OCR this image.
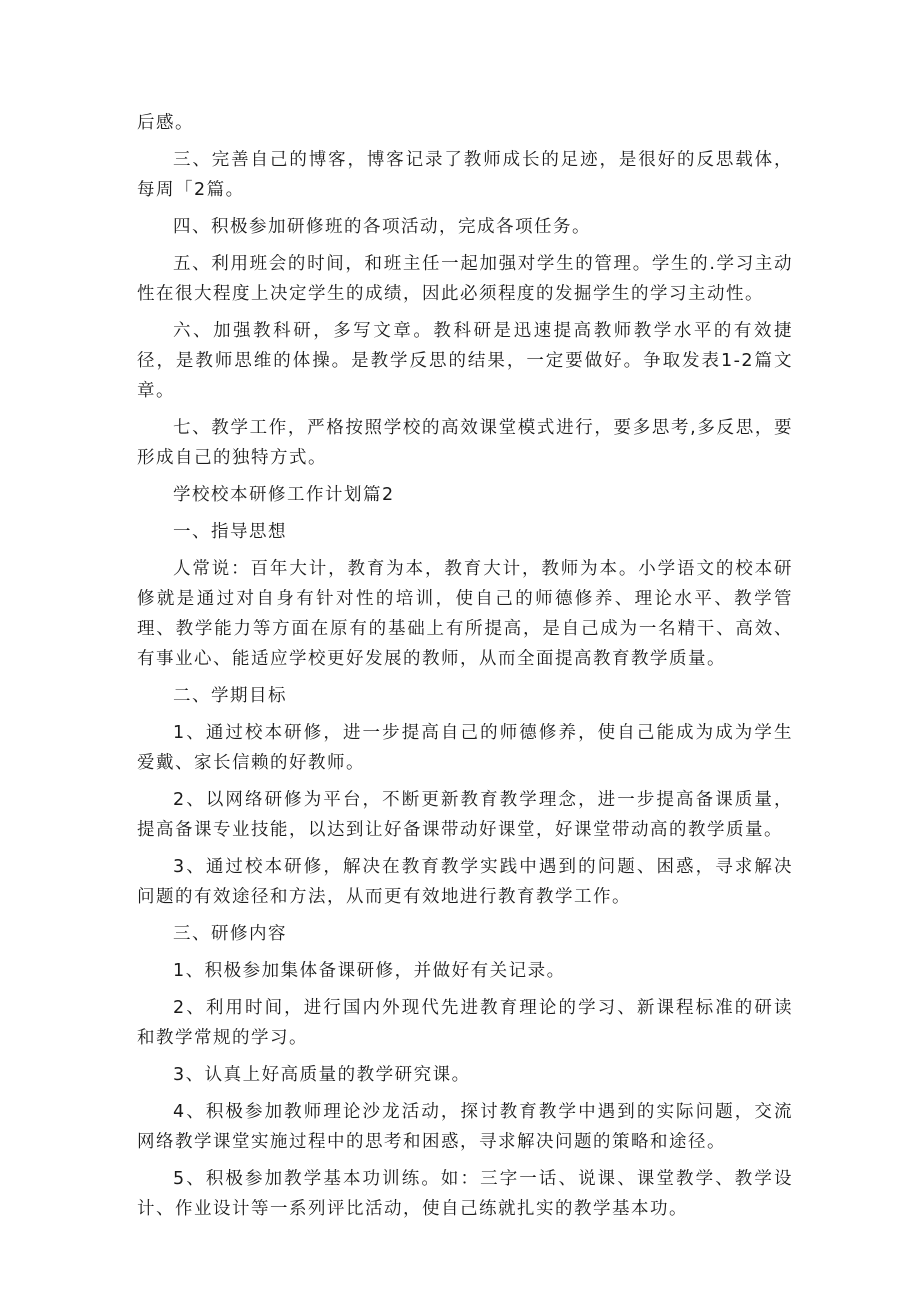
后感。

三、完善自己的博客，博客记录了教师成长的足迹，是很好的反思载体，每周「2篇。

四、积极参加研修班的各项活动，完成各项任务。

五、利用班会的时间，和班主任一起加强对学生的管理。学生的.学习主动性在很大程度上决定学生的成绩，因此必须程度的发掘学生的学习主动性。

六、加强教科研，多写文章。教科研是迅速提高教师教学水平的有效捷径，是教师思维的体操。是教学反思的结果，一定要做好。争取发表1-2篇文章。

七、教学工作，严格按照学校的高效课堂模式进行，要多思考,多反思，要形成自己的独特方式。

学校校本研修工作计划篇2

一、指导思想

人常说：百年大计，教育为本，教育大计，教师为本。小学语文的校本研修就是通过对自身有针对性的培训，使自己的师德修养、理论水平、教学管理、教学能力等方面在原有的基础上有所提高，是自己成为一名精干、高效、有事业心、能适应学校更好发展的教师，从而全面提高教育教学质量。

二、学期目标

1、通过校本研修，进一步提高自己的师德修养，使自己能成为成为学生爱戴、家长信赖的好教师。

2、以网络研修为平台，不断更新教育教学理念，进一步提高备课质量，提高备课专业技能，以达到让好备课带动好课堂，好课堂带动高的教学质量。

3、通过校本研修，解决在教育教学实践中遇到的问题、困惑，寻求解决问题的有效途径和方法，从而更有效地进行教育教学工作。

三、研修内容

1、积极参加集体备课研修，并做好有关记录。

2、利用时间，进行国内外现代先进教育理论的学习、新课程标准的研读和教学常规的学习。

3、认真上好高质量的教学研究课。

4、积极参加教师理论沙龙活动，探讨教育教学中遇到的实际问题，交流网络教学课堂实施过程中的思考和困惑，寻求解决问题的策略和途径。

5、积极参加教学基本功训练。如：三字一话、说课、课堂教学、教学设计、作业设计等一系列评比活动，使自己练就扎实的教学基本功。
